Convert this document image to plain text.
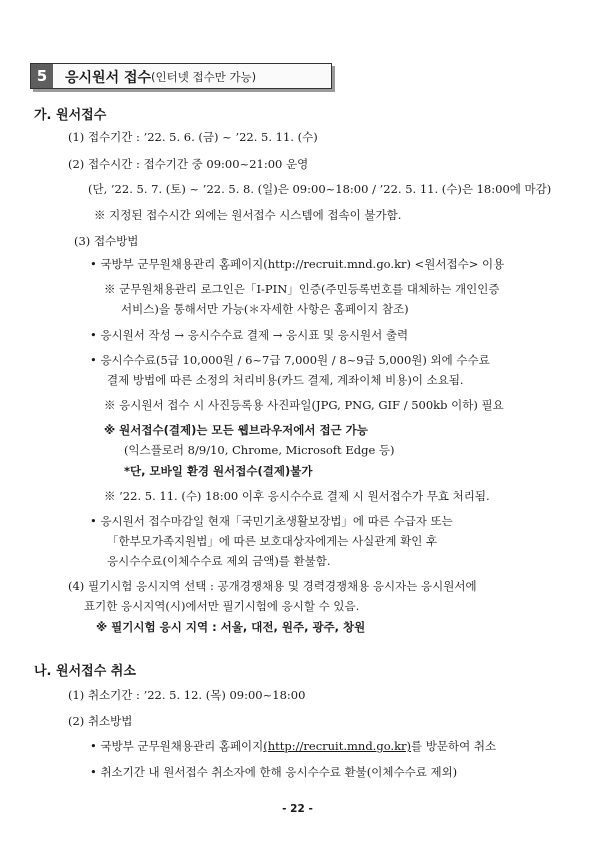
5	응시원서 접수 (인터넷 접수만 가능)
가. 원서접수
(1) 접수기간 : ’22. 5. 6. (금) ~ ’22. 5. 11. (수)
(2) 접수시간 : 접수기간 중 09:00~21:00 운영
(단, ’22. 5. 7. (토) ~ ’22. 5. 8. (일)은 09:00~18:00 / ’22. 5. 11. (수)은 18:00에 마감)
※ 지정된 접수시간 외에는 원서접수 시스템에 접속이 불가함.
(3) 접수방법
• 국방부 군무원채용관리 홈페이지(http://recruit.mnd.go.kr) <원서접수> 이용
※ 군무원채용관리 로그인은「I-PIN」인증(주민등록번호를 대체하는 개인인증
서비스)을 통해서만 가능(＊자세한 사항은 홈페이지 참조)
• 응시원서 작성 → 응시수수료 결제 → 응시표 및 응시원서 출력
• 응시수수료(5급 10,000원 / 6~7급 7,000원 / 8~9급 5,000원) 외에 수수료
결제 방법에 따른 소정의 처리비용(카드 결제, 계좌이체 비용)이 소요됨.
※ 응시원서 접수 시 사진등록용 사진파일(JPG, PNG, GIF / 500kb 이하) 필요
※ 원서접수(결제)는 모든 웹브라우저에서 접근 가능
(익스플로러 8/9/10, Chrome, Microsoft Edge 등)
*단, 모바일 환경 원서접수(결제)불가
※ ’22. 5. 11. (수) 18:00 이후 응시수수료 결제 시 원서접수가 무효 처리됨.
• 응시원서 접수마감일 현재「국민기초생활보장법」에 따른 수급자 또는
「한부모가족지원법」에 따른 보호대상자에게는 사실관계 확인 후
응시수수료(이체수수료 제외 금액)를 환불함.
(4) 필기시험 응시지역 선택 : 공개경쟁채용 및 경력경쟁채용 응시자는 응시원서에
표기한 응시지역(시)에서만 필기시험에 응시할 수 있음.
※ 필기시험 응시 지역 : 서울, 대전, 원주, 광주, 창원
나. 원서접수 취소
(1) 취소기간 : ’22. 5. 12. (목) 09:00~18:00
(2) 취소방법
• 국방부 군무원채용관리 홈페이지(http://recruit.mnd.go.kr)를 방문하여 취소
• 취소기간 내 원서접수 취소자에 한해 응시수수료 환불(이체수수료 제외)
- 22 -
